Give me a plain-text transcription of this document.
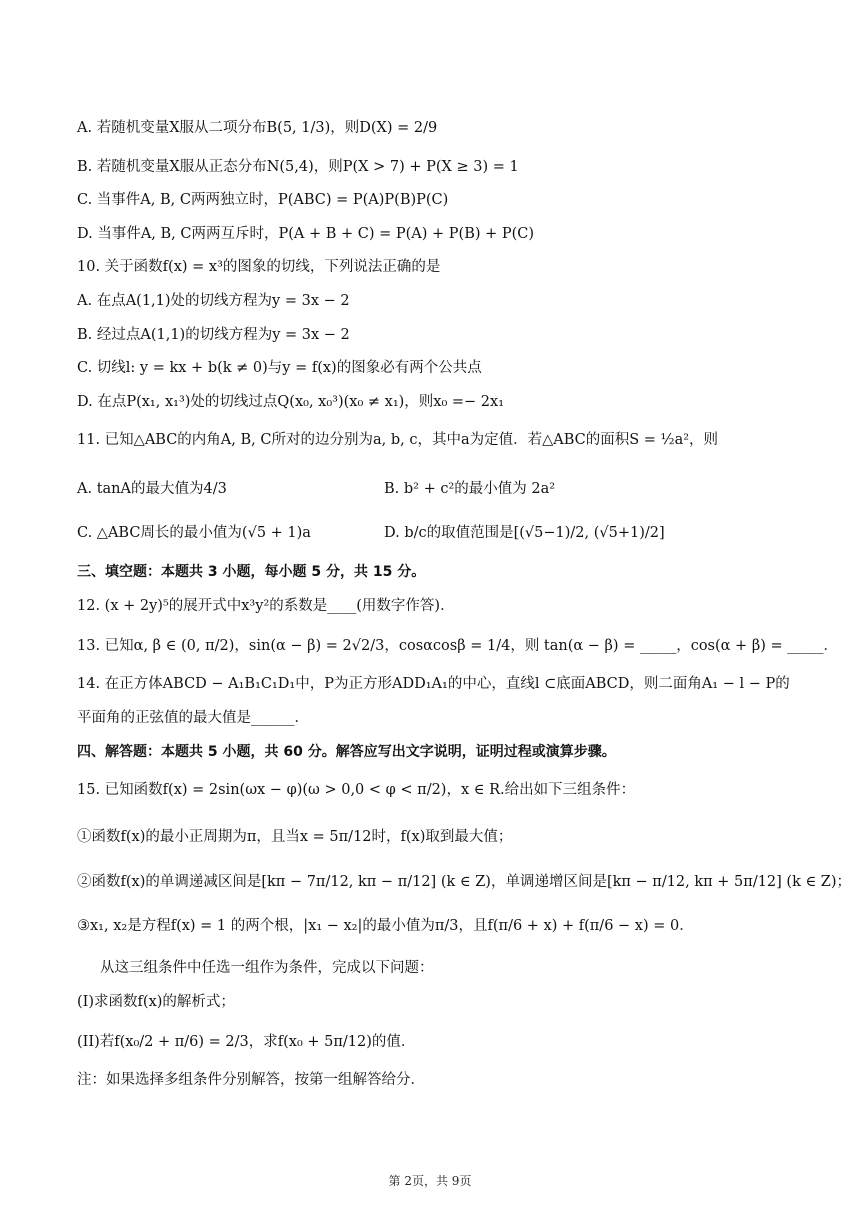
A. 若随机变量X服从二项分布B(5, 1/3)，则D(X) = 2/9
B. 若随机变量X服从正态分布N(5,4)，则P(X > 7) + P(X ≥ 3) = 1
C. 当事件A, B, C两两独立时，P(ABC) = P(A)P(B)P(C)
D. 当事件A, B, C两两互斥时，P(A + B + C) = P(A) + P(B) + P(C)
10. 关于函数f(x) = x³的图象的切线，下列说法正确的是
A. 在点A(1,1)处的切线方程为y = 3x − 2
B. 经过点A(1,1)的切线方程为y = 3x − 2
C. 切线l: y = kx + b(k ≠ 0)与y = f(x)的图象必有两个公共点
D. 在点P(x₁, x₁³)处的切线过点Q(x₀, x₀³)(x₀ ≠ x₁)，则x₀ =− 2x₁
11. 已知△ABC的内角A, B, C所对的边分别为a, b, c，其中a为定值．若△ABC的面积S = ½a²，则
A. tanA的最大值为4/3	B. b² + c²的最小值为 2a²
C. △ABC周长的最小值为(√5 + 1)a	D. b/c的取值范围是[(√5−1)/2, (√5+1)/2]
三、填空题：本题共 3 小题，每小题 5 分，共 15 分。
12. (x + 2y)⁵的展开式中x³y²的系数是____(用数字作答)．
13. 已知α, β ∈ (0, π/2)，sin(α − β) = 2√2/3，cosαcosβ = 1/4，则 tan(α − β) = _____，cos(α + β) = _____．
14. 在正方体ABCD − A₁B₁C₁D₁中，P为正方形ADD₁A₁的中心，直线l ⊂底面ABCD，则二面角A₁ − l − P的
平面角的正弦值的最大值是______．
四、解答题：本题共 5 小题，共 60 分。解答应写出文字说明，证明过程或演算步骤。
15. 已知函数f(x) = 2sin(ωx − φ)(ω > 0,0 < φ < π/2)，x ∈ R.给出如下三组条件：
①函数f(x)的最小正周期为π，且当x = 5π/12时，f(x)取到最大值；
②函数f(x)的单调递减区间是[kπ − 7π/12, kπ − π/12] (k ∈ Z)，单调递增区间是[kπ − π/12, kπ + 5π/12] (k ∈ Z)；
③x₁, x₂是方程f(x) = 1 的两个根，|x₁ − x₂|的最小值为π/3，且f(π/6 + x) + f(π/6 − x) = 0．
从这三组条件中任选一组作为条件，完成以下问题：
(I)求函数f(x)的解析式；
(II)若f(x₀/2 + π/6) = 2/3，求f(x₀ + 5π/12)的值．
注：如果选择多组条件分别解答，按第一组解答给分．
第 2页，共 9页
